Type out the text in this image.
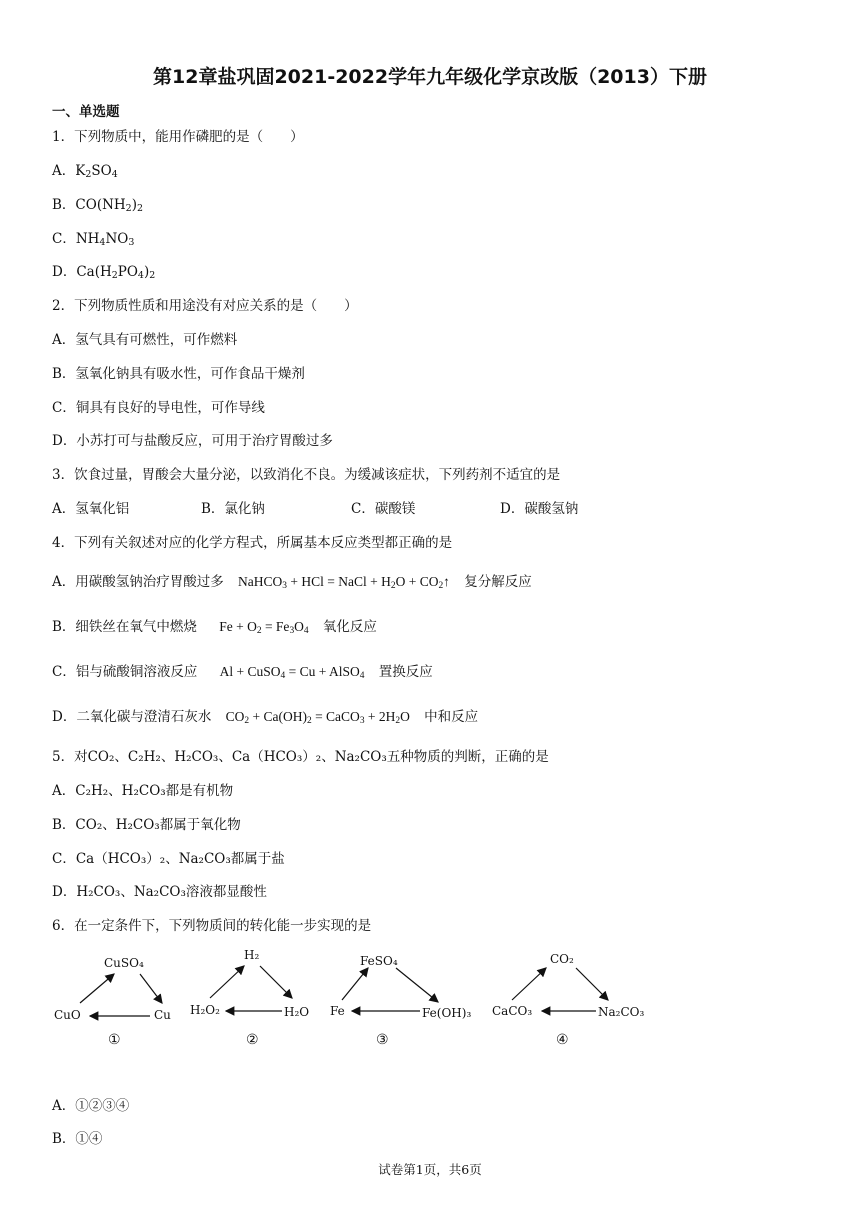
第12章盐巩固2021-2022学年九年级化学京改版（2013）下册
一、单选题
1．下列物质中，能用作磷肥的是（　　）
A．$K_2SO_4$
B．$CO(NH_2)_2$
C．$NH_4NO_3$
D．$Ca(H_2PO_4)_2$
2．下列物质性质和用途没有对应关系的是（　　）
A．氢气具有可燃性，可作燃料
B．氢氧化钠具有吸水性，可作食品干燥剂
C．铜具有良好的导电性，可作导线
D．小苏打可与盐酸反应，可用于治疗胃酸过多
3．饮食过量，胃酸会大量分泌，以致消化不良。为缓减该症状，下列药剂不适宜的是
A．氢氧化铝	B．氯化钠	C．碳酸镁	D．碳酸氢钠
4．下列有关叙述对应的化学方程式，所属基本反应类型都正确的是
A．用碳酸氢钠治疗胃酸过多 NaHCO$_3$ + HCl = NaCl + $H_2O$ + $CO_2↑$ 复分解反应
B．细铁丝在氧气中燃烧 $Fe + O_2 = Fe_3O_4$ 氧化反应
C．铝与硫酸铜溶液反应 Al + CuSO$_4$ = Cu + AlSO$_4$ 置换反应
D．二氧化碳与澄清石灰水 $CO_2 + Ca(OH)_2$ = CaCO$_3$ + $2H_2O$ 中和反应
5．对CO₂、C₂H₂、H₂CO₃、Ca（HCO₃）₂、Na₂CO₃五种物质的判断，正确的是
A．C₂H₂、H₂CO₃都是有机物
B．CO₂、H₂CO₃都属于氧化物
C．Ca（HCO₃）₂、Na₂CO₃都属于盐
D．H₂CO₃、Na₂CO₃溶液都显酸性
6．在一定条件下，下列物质间的转化能一步实现的是
CuSO₄
CuO	Cu
①
H₂
H₂O₂	H₂O
②
FeSO₄
Fe	Fe(OH)₃
③
CO₂
CaCO₃	Na₂CO₃
④
A．①②③④
B．①④
试卷第1页，共6页
